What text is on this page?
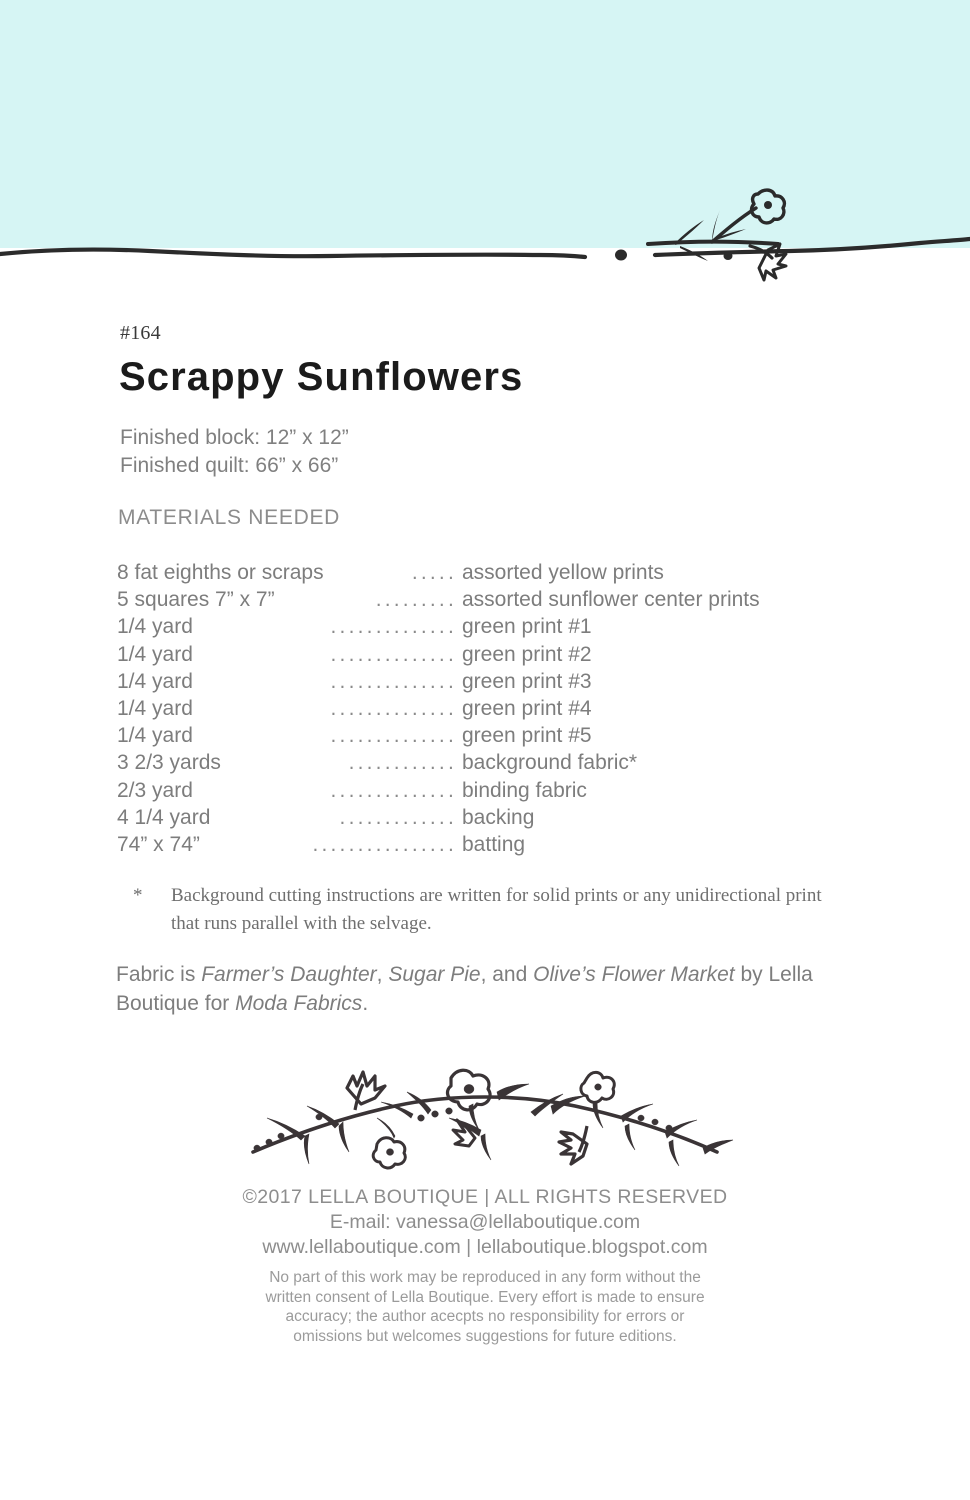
#164
Scrappy Sunflowers
Finished block: 12” x 12”
Finished quilt: 66” x 66”
MATERIALS NEEDED
8 fat eighths or scraps	..... assorted yellow prints
5 squares 7” x 7”	......... assorted sunflower center prints
1/4 yard	.............. green print #1
1/4 yard	.............. green print #2
1/4 yard	.............. green print #3
1/4 yard	.............. green print #4
1/4 yard	.............. green print #5
3 2/3 yards	............ background fabric*
2/3 yard	.............. binding fabric
4 1/4 yard	............. backing
74” x 74”	................ batting
* Background cutting instructions are written for solid prints or any unidirectional print that runs parallel with the selvage.
Fabric is Farmer’s Daughter, Sugar Pie, and Olive’s Flower Market by Lella Boutique for Moda Fabrics.
©2017 LELLA BOUTIQUE | ALL RIGHTS RESERVED
E-mail: vanessa@lellaboutique.com
www.lellaboutique.com | lellaboutique.blogspot.com
No part of this work may be reproduced in any form without the
written consent of Lella Boutique. Every effort is made to ensure
accuracy; the author acecpts no responsibility for errors or
omissions but welcomes suggestions for future editions.
